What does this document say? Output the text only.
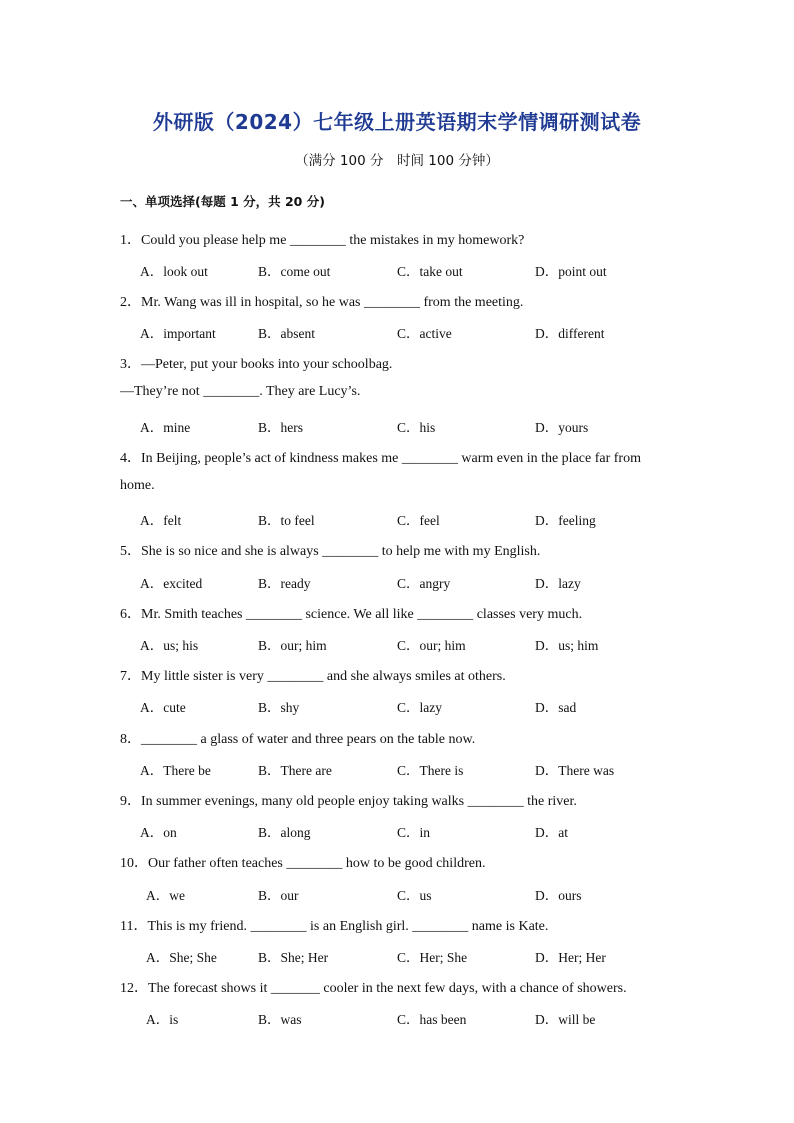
外研版（2024）七年级上册英语期末学情调研测试卷
（满分 100 分　时间 100 分钟）
一、单项选择(每题 1 分，共 20 分)
1．Could you please help me ________ the mistakes in my homework?
A．look out	B．come out	C．take out	D．point out
2．Mr. Wang was ill in hospital, so he was ________ from the meeting.
A．important	B．absent	C．active	D．different
3．—Peter, put your books into your schoolbag.
—They’re not ________. They are Lucy’s.
A．mine	B．hers	C．his	D．yours
4．In Beijing, people’s act of kindness makes me ________ warm even in the place far from
home.
A．felt	B．to feel	C．feel	D．feeling
5．She is so nice and she is always ________ to help me with my English.
A．excited	B．ready	C．angry	D．lazy
6．Mr. Smith teaches ________ science. We all like ________ classes very much.
A．us; his	B．our; him	C．our; him	D．us; him
7．My little sister is very ________ and she always smiles at others.
A．cute	B．shy	C．lazy	D．sad
8．________ a glass of water and three pears on the table now.
A．There be	B．There are	C．There is	D．There was
9．In summer evenings, many old people enjoy taking walks ________ the river.
A．on	B．along	C．in	D．at
10．Our father often teaches ________ how to be good children.
A．we	B．our	C．us	D．ours
11．This is my friend. ________ is an English girl. ________ name is Kate.
A．She; She	B．She; Her	C．Her; She	D．Her; Her
12．The forecast shows it _______ cooler in the next few days, with a chance of showers.
A．is	B．was	C．has been	D．will be
